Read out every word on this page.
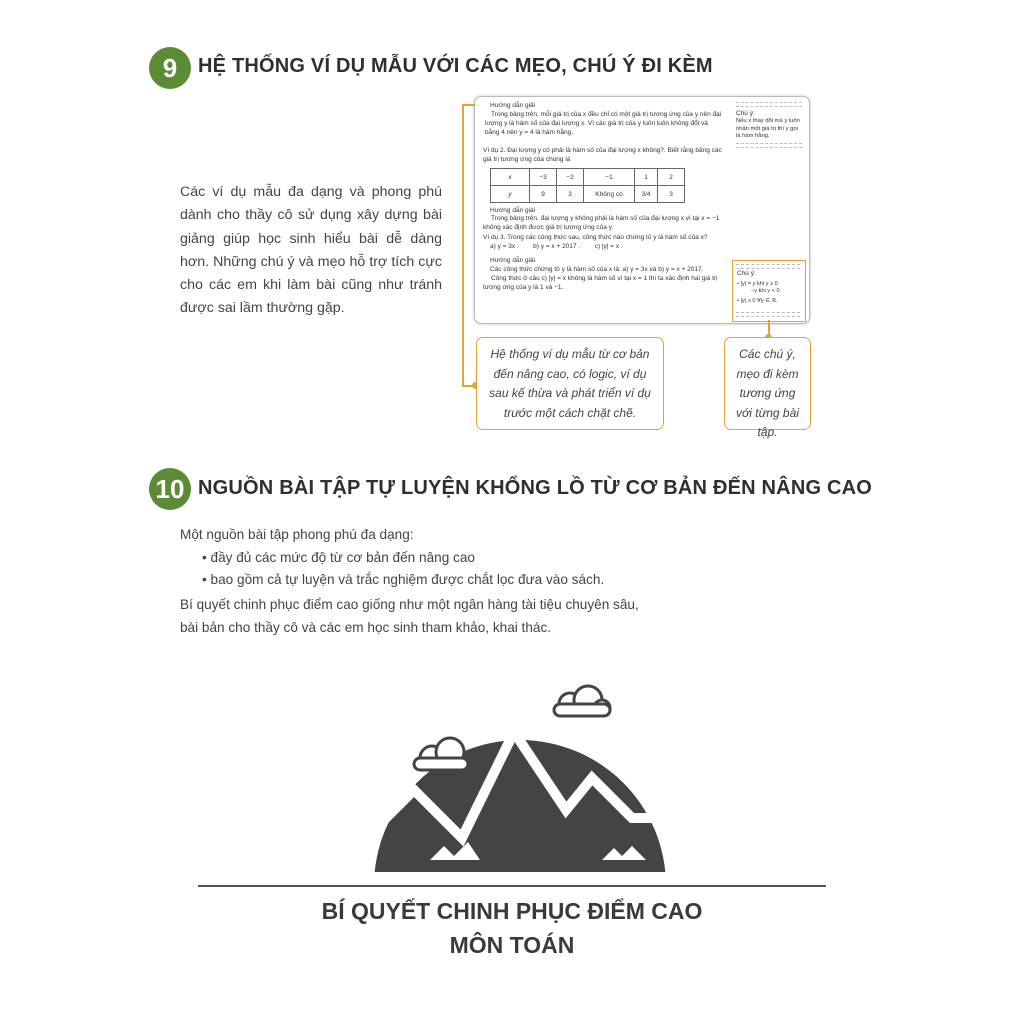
9 HỆ THỐNG VÍ DỤ MẪU VỚI CÁC MẸO, CHÚ Ý ĐI KÈM
Các ví dụ mẫu đa dạng và phong phú dành cho thầy cô sử dụng xây dựng bài giảng giúp học sinh hiểu bài dễ dàng hơn. Những chú ý và mẹo hỗ trợ tích cực cho các em khi làm bài cũng như tránh được sai lầm thường gặp.
Hướng dẫn giải
Trong bảng trên, mỗi giá trị của x đều chỉ có một giá trị tương ứng của y nên đại lượng y là hàm số của đại lượng x. Vì các giá trị của y luôn luôn không đổi và bằng 4 nên y = 4 là hàm hằng.
Ví dụ 2. Đại lượng y có phải là hàm số của đại lượng x không?. Biết rằng bảng các giá trị tương ứng của chúng là
x	−3	−2	−1	1	2
y	9	3	Không có	3/4	3
Hướng dẫn giải
Trong bảng trên, đại lượng y không phải là hàm số của đại lượng x vì tại x = −1 không xác định được giá trị tương ứng của y.
Ví dụ 3. Trong các công thức sau, công thức nào chứng tỏ y là hàm số của x?
a) y = 3x .        b) y = x + 2017 .        c) |y| = x .
Hướng dẫn giải
Các công thức chứng tỏ y là hàm số của x là: a) y = 3x và b) y = x + 2017.
Công thức ở câu c) |y| = x không là hàm số vì tại x = 1 thì ta xác định hai giá trị tương ứng của y là 1 và −1.
Chú ý:
Nếu x thay đổi mà y luôn nhận một giá trị thì y gọi là hàm hằng.
Chú ý:
• |y| = y khi y ≥ 0
−y khi y < 0.
• |y| ≥ 0 ∀y ∈ ℝ.
Hệ thống ví dụ mẫu từ cơ bản đến nâng cao, có logic, ví dụ sau kế thừa và phát triển ví dụ trước một cách chặt chẽ.
Các chú ý, mẹo đi kèm tương ứng với từng bài tập.
10 NGUỒN BÀI TẬP TỰ LUYỆN KHỔNG LỒ TỪ CƠ BẢN ĐẾN NÂNG CAO
Một nguồn bài tập phong phú đa dạng:
• đầy đủ các mức độ từ cơ bản đến nâng cao
• bao gồm cả tự luyện và trắc nghiệm được chắt lọc đưa vào sách.
Bí quyết chinh phục điểm cao giống như một ngân hàng tài tiệu chuyên sâu,
bài bản cho thầy cô và các em học sinh tham khảo, khai thác.
BÍ QUYẾT CHINH PHỤC ĐIỂM CAO
MÔN TOÁN
